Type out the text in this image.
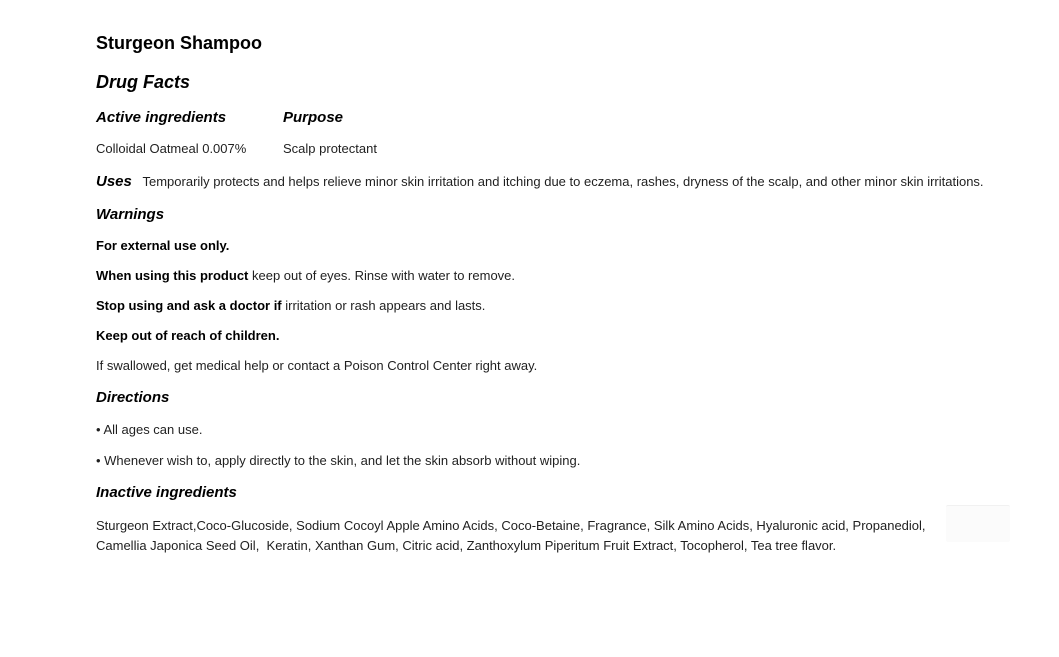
Sturgeon Shampoo
Drug Facts
Active ingredients	Purpose
Colloidal Oatmeal 0.007%	Scalp protectant

Uses Temporarily protects and helps relieve minor skin irritation and itching due to eczema, rashes, dryness of the scalp, and other minor skin irritations.

Warnings

For external use only.

When using this product keep out of eyes. Rinse with water to remove.

Stop using and ask a doctor if irritation or rash appears and lasts.

Keep out of reach of children.

If swallowed, get medical help or contact a Poison Control Center right away.

Directions

• All ages can use.

• Whenever wish to, apply directly to the skin, and let the skin absorb without wiping.

Inactive ingredients

Sturgeon Extract,Coco-Glucoside, Sodium Cocoyl Apple Amino Acids, Coco-Betaine, Fragrance, Silk Amino Acids, Hyaluronic acid, Propanediol, Camellia Japonica Seed Oil,  Keratin, Xanthan Gum, Citric acid, Zanthoxylum Piperitum Fruit Extract, Tocopherol, Tea tree flavor.
